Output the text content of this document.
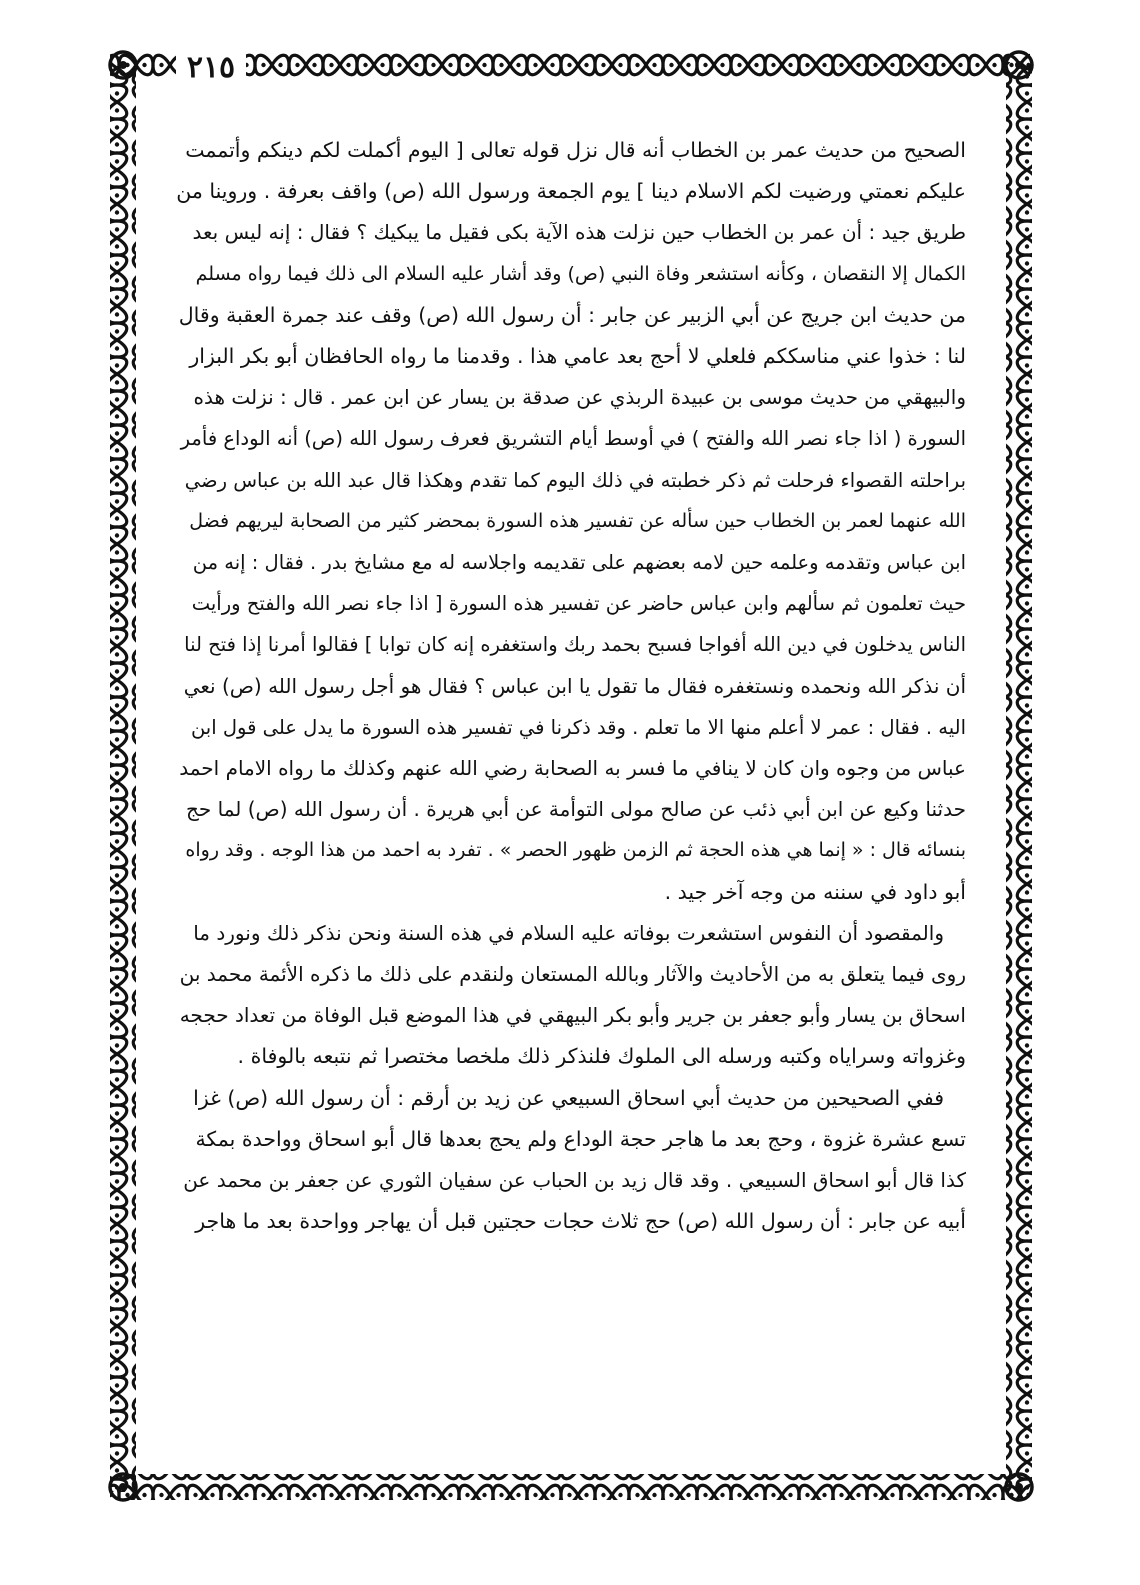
٢١٥
الصحيح من حديث عمر بن الخطاب أنه قال نزل قوله تعالى [ اليوم أكملت لكم دينكم وأتممت
عليكم نعمتي ورضيت لكم الاسلام دينا ] يوم الجمعة ورسول الله (ص) واقف بعرفة . وروينا من
طريق جيد : أن عمر بن الخطاب حين نزلت هذه الآية بكى فقيل ما يبكيك ؟ فقال : إنه ليس بعد
الكمال إلا النقصان ، وكأنه استشعر وفاة النبي (ص) وقد أشار عليه السلام الى ذلك فيما رواه مسلم
من حديث ابن جريج عن أبي الزبير عن جابر : أن رسول الله (ص) وقف عند جمرة العقبة وقال
لنا : خذوا عني مناسككم فلعلي لا أحج بعد عامي هذا . وقدمنا ما رواه الحافظان أبو بكر البزار
والبيهقي من حديث موسى بن عبيدة الربذي عن صدقة بن يسار عن ابن عمر . قال : نزلت هذه
السورة ( اذا جاء نصر الله والفتح ) في أوسط أيام التشريق فعرف رسول الله (ص) أنه الوداع فأمر
براحلته القصواء فرحلت ثم ذكر خطبته في ذلك اليوم كما تقدم وهكذا قال عبد الله بن عباس رضي
الله عنهما لعمر بن الخطاب حين سأله عن تفسير هذه السورة بمحضر كثير من الصحابة ليريهم فضل
ابن عباس وتقدمه وعلمه حين لامه بعضهم على تقديمه واجلاسه له مع مشايخ بدر . فقال : إنه من
حيث تعلمون ثم سألهم وابن عباس حاضر عن تفسير هذه السورة [ اذا جاء نصر الله والفتح ورأيت
الناس يدخلون في دين الله أفواجا فسبح بحمد ربك واستغفره إنه كان توابا ] فقالوا أمرنا إذا فتح لنا
أن نذكر الله ونحمده ونستغفره فقال ما تقول يا ابن عباس ؟ فقال هو أجل رسول الله (ص) نعي
اليه . فقال : عمر لا أعلم منها الا ما تعلم . وقد ذكرنا في تفسير هذه السورة ما يدل على قول ابن
عباس من وجوه وان كان لا ينافي ما فسر به الصحابة رضي الله عنهم وكذلك ما رواه الامام احمد
حدثنا وكيع عن ابن أبي ذئب عن صالح مولى التوأمة عن أبي هريرة . أن رسول الله (ص) لما حج
بنسائه قال : « إنما هي هذه الحجة ثم الزمن ظهور الحصر » . تفرد به احمد من هذا الوجه . وقد رواه
أبو داود في سننه من وجه آخر جيد .
والمقصود أن النفوس استشعرت بوفاته عليه السلام في هذه السنة ونحن نذكر ذلك ونورد ما
روى فيما يتعلق به من الأحاديث والآثار وبالله المستعان ولنقدم على ذلك ما ذكره الأئمة محمد بن
اسحاق بن يسار وأبو جعفر بن جرير وأبو بكر البيهقي في هذا الموضع قبل الوفاة من تعداد حججه
وغزواته وسراياه وكتبه ورسله الى الملوك فلنذكر ذلك ملخصا مختصرا ثم نتبعه بالوفاة .
ففي الصحيحين من حديث أبي اسحاق السبيعي عن زيد بن أرقم : أن رسول الله (ص) غزا
تسع عشرة غزوة ، وحج بعد ما هاجر حجة الوداع ولم يحج بعدها قال أبو اسحاق وواحدة بمكة
كذا قال أبو اسحاق السبيعي . وقد قال زيد بن الحباب عن سفيان الثوري عن جعفر بن محمد عن
أبيه عن جابر : أن رسول الله (ص) حج ثلاث حجات حجتين قبل أن يهاجر وواحدة بعد ما هاجر
